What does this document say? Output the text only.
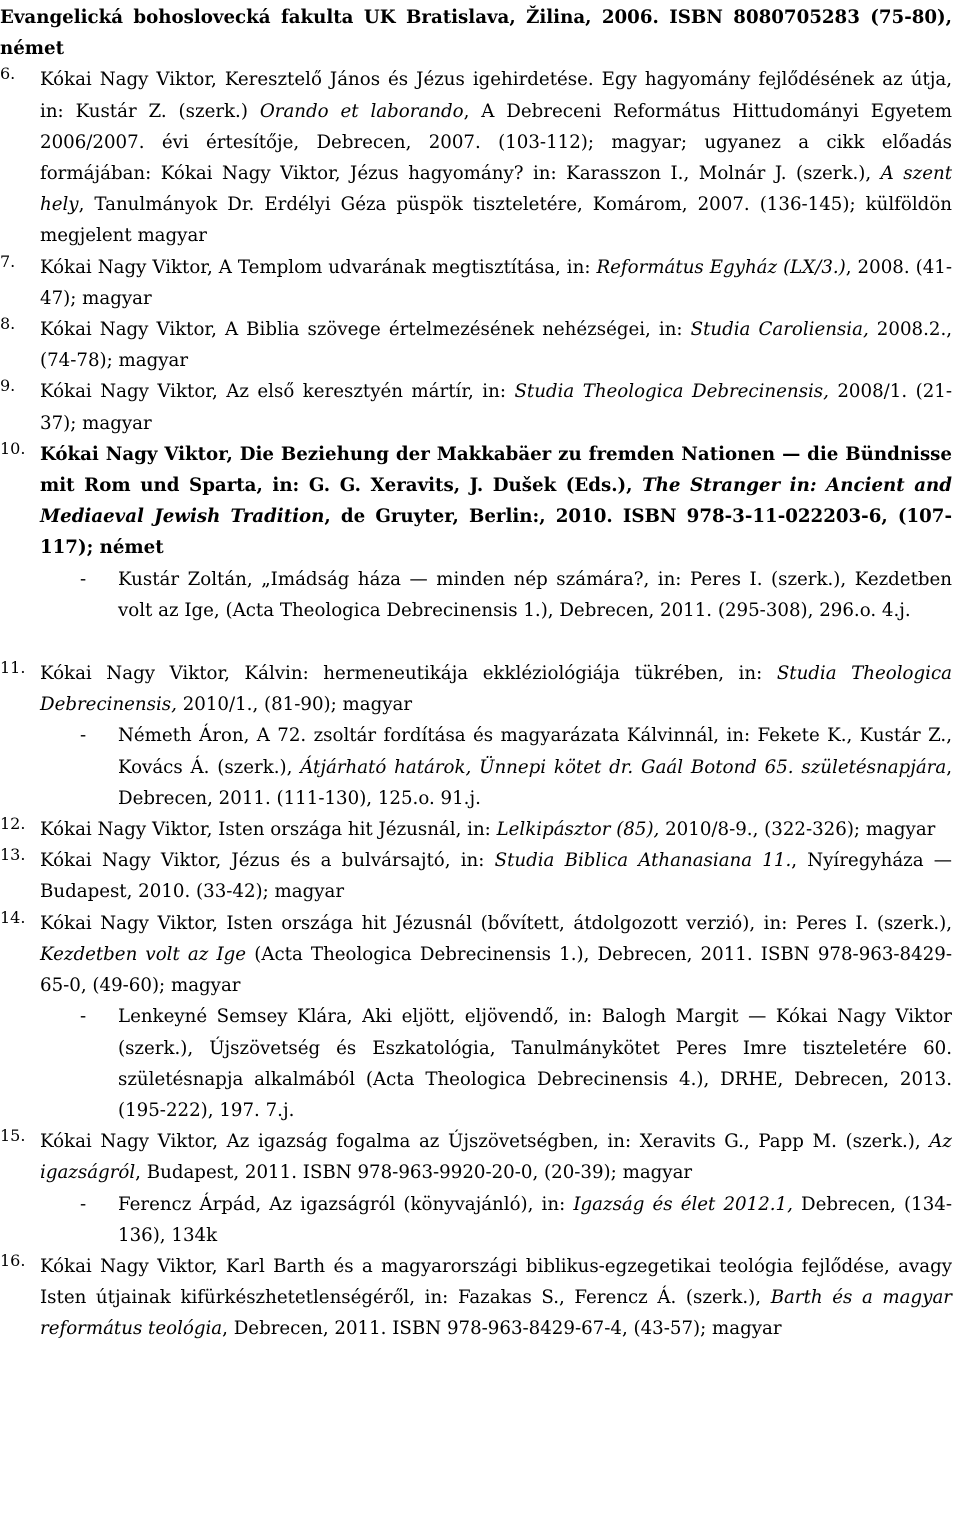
Evangelická bohoslovecká fakulta UK Bratislava, Žilina, 2006. ISBN 8080705283 (75-80), német

6.	Kókai Nagy Viktor, Keresztelő János és Jézus igehirdetése. Egy hagyomány fejlődésének az útja, in: Kustár Z. (szerk.) Orando et laborando, A Debreceni Református Hittudományi Egyetem 2006/2007. évi értesítője, Debrecen, 2007. (103-112); magyar; ugyanez a cikk előadás formájában: Kókai Nagy Viktor, Jézus hagyomány? in: Karasszon I., Molnár J. (szerk.), A szent hely, Tanulmányok Dr. Erdélyi Géza püspök tiszteletére, Komárom, 2007. (136-145); külföldön megjelent magyar

7.	Kókai Nagy Viktor, A Templom udvarának megtisztítása, in: Református Egyház (LX/3.), 2008. (41-47); magyar

8.	Kókai Nagy Viktor, A Biblia szövege értelmezésének nehézségei, in: Studia Caroliensia, 2008.2., (74-78); magyar

9.	Kókai Nagy Viktor, Az első keresztyén mártír, in: Studia Theologica Debrecinensis, 2008/1. (21-37); magyar

10. Kókai Nagy Viktor, Die Beziehung der Makkabäer zu fremden Nationen — die Bündnisse mit Rom und Sparta, in: G. G. Xeravits, J. Dušek (Eds.), The Stranger in: Ancient and Mediaeval Jewish Tradition, de Gruyter, Berlin:, 2010. ISBN 978-3-11-022203-6, (107-117); német

-	Kustár Zoltán, „Imádság háza — minden nép számára?, in: Peres I. (szerk.), Kezdetben volt az Ige, (Acta Theologica Debrecinensis 1.), Debrecen, 2011. (295-308), 296.o. 4.j.

11. Kókai Nagy Viktor, Kálvin: hermeneutikája ekkléziológiája tükrében, in: Studia Theologica Debrecinensis, 2010/1., (81-90); magyar

-	Németh Áron, A 72. zsoltár fordítása és magyarázata Kálvinnál, in: Fekete K., Kustár Z., Kovács Á. (szerk.), Átjárható határok, Ünnepi kötet dr. Gaál Botond 65. születésnapjára, Debrecen, 2011. (111-130), 125.o. 91.j.

12. Kókai Nagy Viktor, Isten országa hit Jézusnál, in: Lelkipásztor (85), 2010/8-9., (322-326); magyar

13. Kókai Nagy Viktor, Jézus és a bulvársajtó, in: Studia Biblica Athanasiana 11., Nyíregyháza — Budapest, 2010. (33-42); magyar

14. Kókai Nagy Viktor, Isten országa hit Jézusnál (bővített, átdolgozott verzió), in: Peres I. (szerk.), Kezdetben volt az Ige (Acta Theologica Debrecinensis 1.), Debrecen, 2011. ISBN 978-963-8429-65-0, (49-60); magyar

-	Lenkeyné Semsey Klára, Aki eljött, eljövendő, in: Balogh Margit — Kókai Nagy Viktor (szerk.), Újszövetség és Eszkatológia, Tanulmánykötet Peres Imre tiszteletére 60. születésnapja alkalmából (Acta Theologica Debrecinensis 4.), DRHE, Debrecen, 2013. (195-222), 197. 7.j.

15. Kókai Nagy Viktor, Az igazság fogalma az Újszövetségben, in: Xeravits G., Papp M. (szerk.), Az igazságról, Budapest, 2011. ISBN 978-963-9920-20-0, (20-39); magyar

-	Ferencz Árpád, Az igazságról (könyvajánló), in: Igazság és élet 2012.1, Debrecen, (134-136), 134k

16. Kókai Nagy Viktor, Karl Barth és a magyarországi biblikus-egzegetikai teológia fejlődése, avagy Isten útjainak kifürkészhetetlenségéről, in: Fazakas S., Ferencz Á. (szerk.), Barth és a magyar református teológia, Debrecen, 2011. ISBN 978-963-8429-67-4, (43-57); magyar
